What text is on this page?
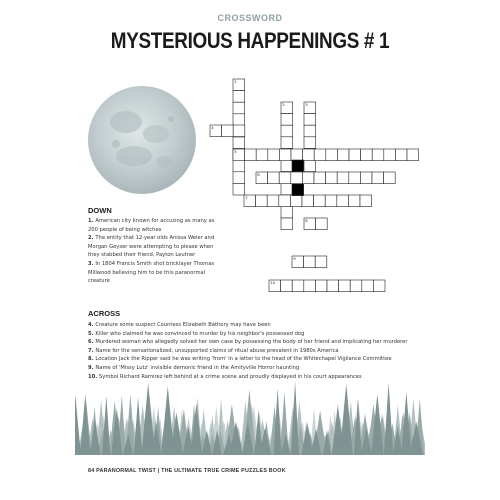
CROSSWORD
MYSTERIOUS HAPPENINGS # 1
1
2	3
4
5
6
7
8
9
10
DOWN
1. American city known for accusing as many as 200 people of being witches
2. The entity that 12-year olds Anissa Weier and Morgan Geyser were attempting to please when they stabbed their friend, Payton Leutner
3. In 1804 Francis Smith shot bricklayer Thomas Millwood believing him to be this paranormal creature
ACROSS
4. Creature some suspect Countess Elizabeth Báthory may have been
5. Killer who claimed he was convinced to murder by his neighbor's possessed dog
6. Murdered woman who allegedly solved her own case by possessing the body of her friend and implicating her murderer
7. Name for the sensationalized, unsupported claims of ritual abuse prevalent in 1980s America
8. Location Jack the Ripper said he was writing 'from' in a letter to the head of the Whitechapel Vigilance Committee
9. Name of 'Missy Lutz' invisible demonic friend in the Amityville Horror haunting
10. Symbol Richard Ramirez left behind at a crime scene and proudly displayed in his court appearances
84 PARANORMAL TWIST | THE ULTIMATE TRUE CRIME PUZZLES BOOK
